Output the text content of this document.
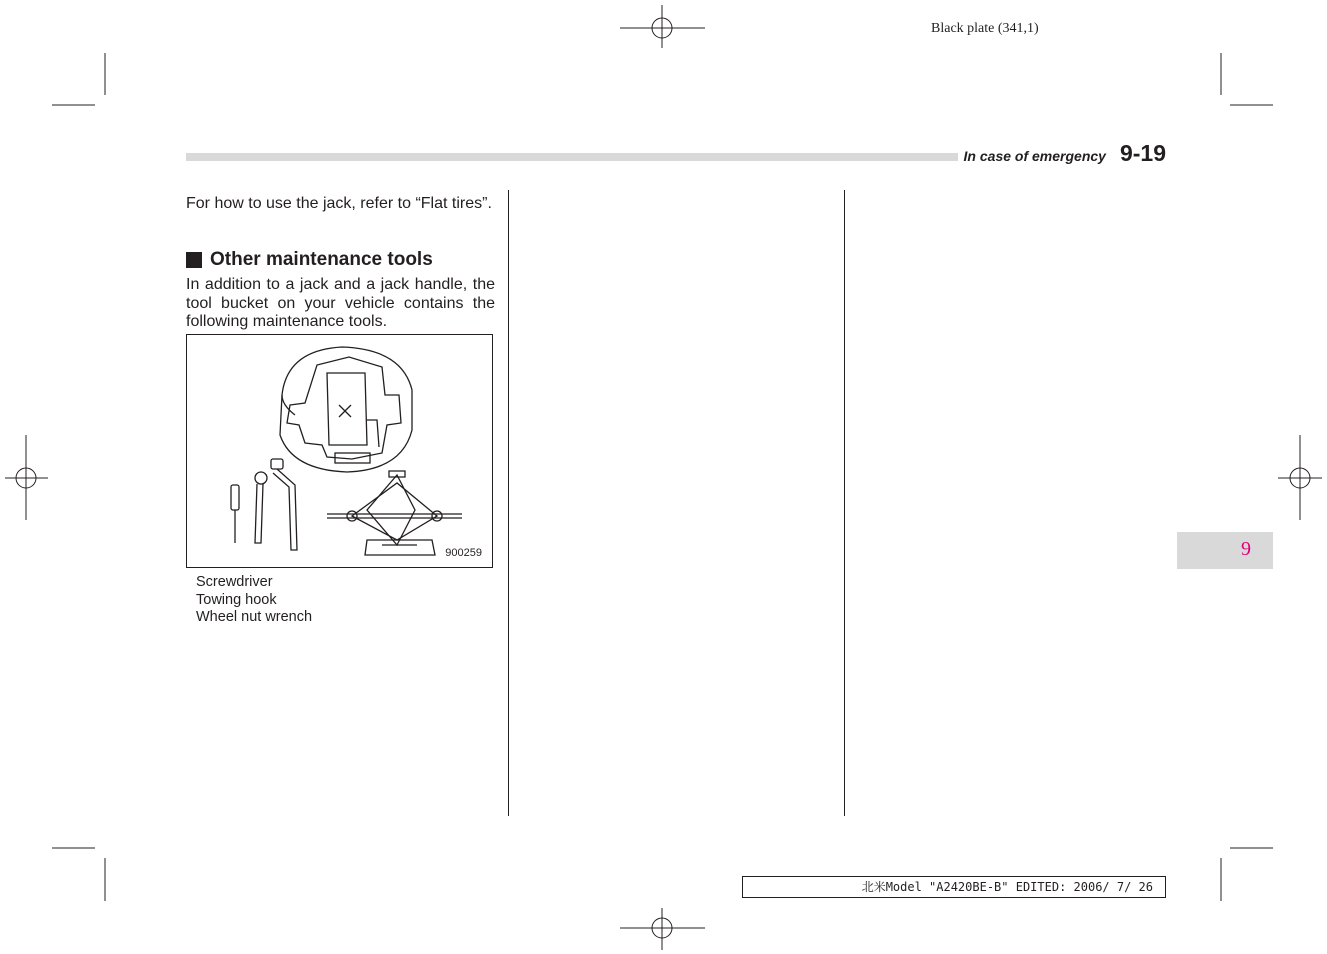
Black plate (341,1)
In case of emergency 9-19
For how to use the jack, refer to “Flat tires”.
Other maintenance tools
In addition to a jack and a jack handle, the tool bucket on your vehicle contains the following maintenance tools.
900259
Screwdriver
Towing hook
Wheel nut wrench
9
北米Model "A2420BE-B" EDITED: 2006/ 7/ 26
